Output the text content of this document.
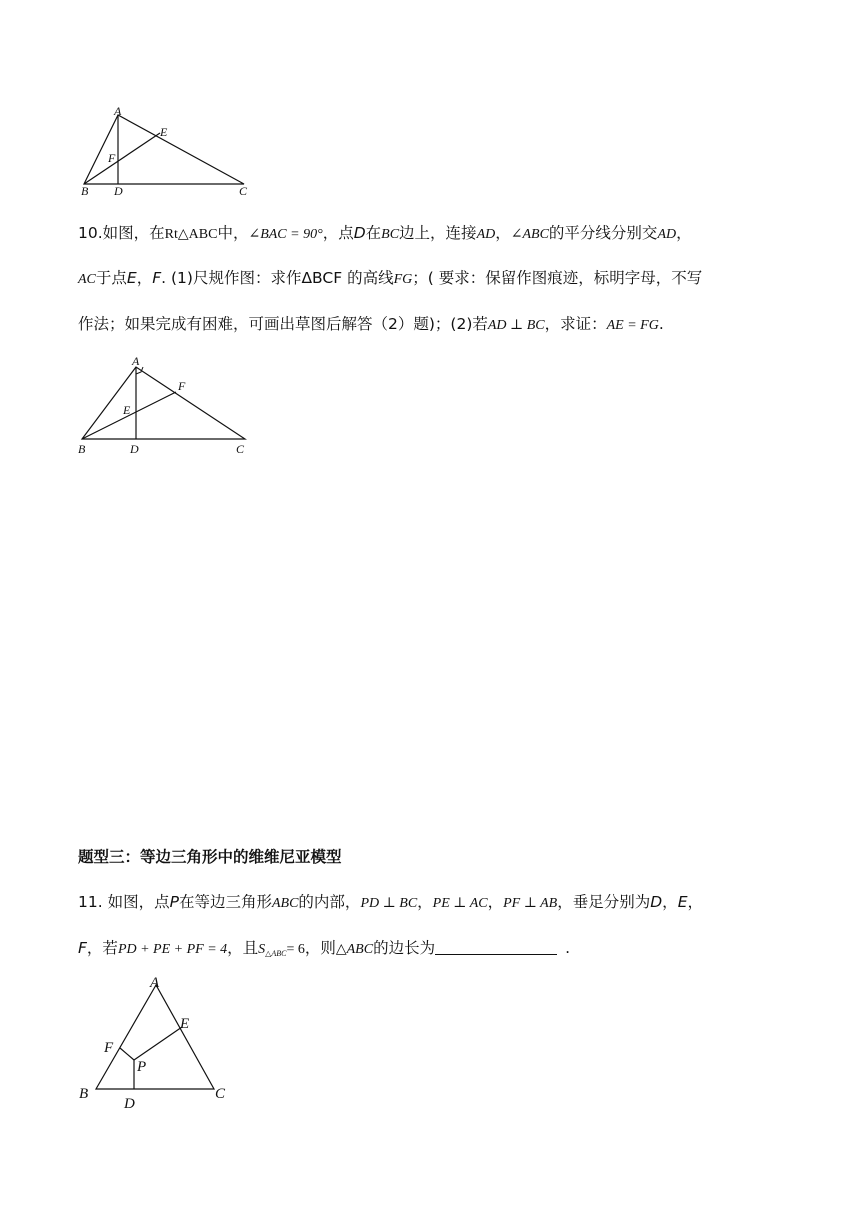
A
E
F
B D	C
10.如图，在Rt△ABC中，∠BAC = 90°，点D在BC边上，连接AD，∠ABC的平分线分别交AD，
AC于点E，F. (1)尺规作图：求作ΔBCF 的高线FG；( 要求：保留作图痕迹，标明字母，不写
作法；如果完成有困难，可画出草图后解答（2）题)；(2)若AD ⊥ BC，求证：AE = FG.
A
F
E
B	D	C
题型三：等边三角形中的维维尼亚模型
11. 如图，点P在等边三角形ABC的内部，PD ⊥ BC，PE ⊥ AC，PF ⊥ AB，垂足分别为D，E，
F，若PD + PE + PF = 4，且$S_{\triangle ABC}= 6$，则△ABC的边长为	.
A
E
F
P
B
D
C
